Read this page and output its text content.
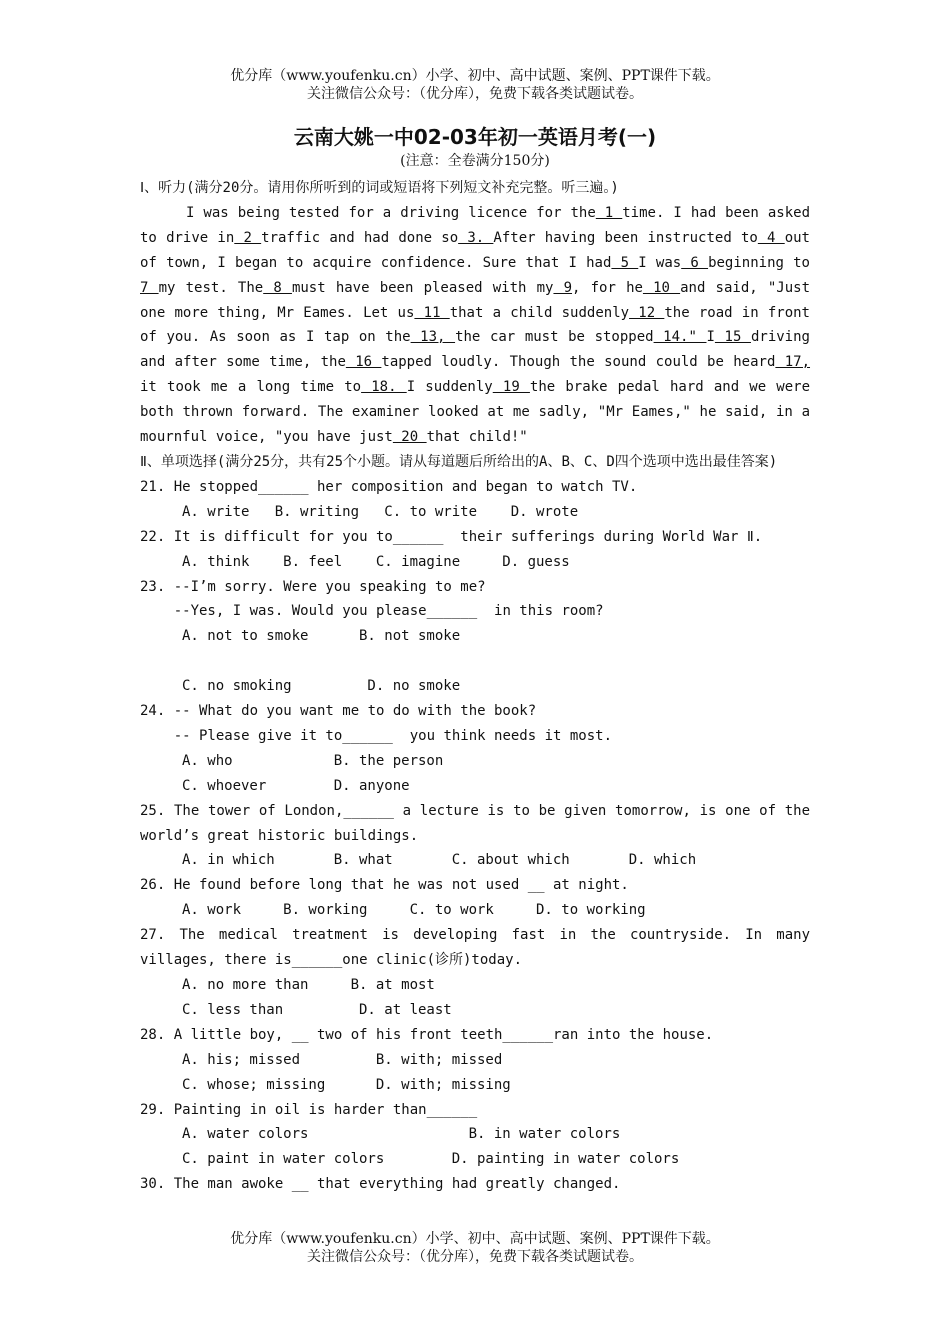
优分库（www.youfenku.cn）小学、初中、高中试题、案例、PPT课件下载。
关注微信公众号：（优分库），免费下载各类试题试卷。
云南大姚一中02-03年初一英语月考(一)
(注意：全卷满分150分)
Ⅰ、听力(满分20分。请用你所听到的词或短语将下列短文补充完整。听三遍。)

I was being tested for a driving licence for the 1 time. I had been asked to drive in 2 traffic and had done so 3. After having been instructed to 4 out of town, I began to acquire confidence. Sure that I had 5 I was 6 beginning to 7 my test. The 8 must have been pleased with my 9, for he 10 and said, "Just one more thing, Mr Eames. Let us 11 that a child suddenly 12 the road in front of you. As soon as I tap on the 13, the car must be stopped 14." I 15 driving and after some time, the 16 tapped loudly. Though the sound could be heard 17, it took me a long time to 18. I suddenly 19 the brake pedal hard and we were both thrown forward. The examiner looked at me sadly, "Mr Eames," he said, in a mournful voice, "you have just 20 that child!"

Ⅱ、单项选择(满分25分，共有25个小题。请从每道题后所给出的A、B、C、D四个选项中选出最佳答案)
21. He stopped______ her composition and began to watch TV.
A. write   B. writing   C. to write    D. wrote
22. It is difficult for you to______  their sufferings during World War Ⅱ.
A. think    B. feel    C. imagine     D. guess
23. --I’m sorry. Were you speaking to me?
--Yes, I was. Would you please______  in this room?
A. not to smoke      B. not smoke
C. no smoking         D. no smoke
24. -- What do you want me to do with the book?
-- Please give it to______  you think needs it most.
A. who            B. the person
C. whoever        D. anyone
25. The tower of London,______ a lecture is to be given tomorrow, is one of the world’s great historic buildings.
A. in which       B. what       C. about which       D. which
26. He found before long that he was not used __ at night.
A. work     B. working     C. to work     D. to working
27. The medical treatment is developing fast in the countryside. In many villages, there is______one clinic(诊所)today.
A. no more than     B. at most
C. less than         D. at least
28. A little boy, __ two of his front teeth______ran into the house.
A. his; missed         B. with; missed
C. whose; missing      D. with; missing
29. Painting in oil is harder than______
A. water colors                   B. in water colors
C. paint in water colors        D. painting in water colors
30. The man awoke __ that everything had greatly changed.
优分库（www.youfenku.cn）小学、初中、高中试题、案例、PPT课件下载。
关注微信公众号：（优分库），免费下载各类试题试卷。
